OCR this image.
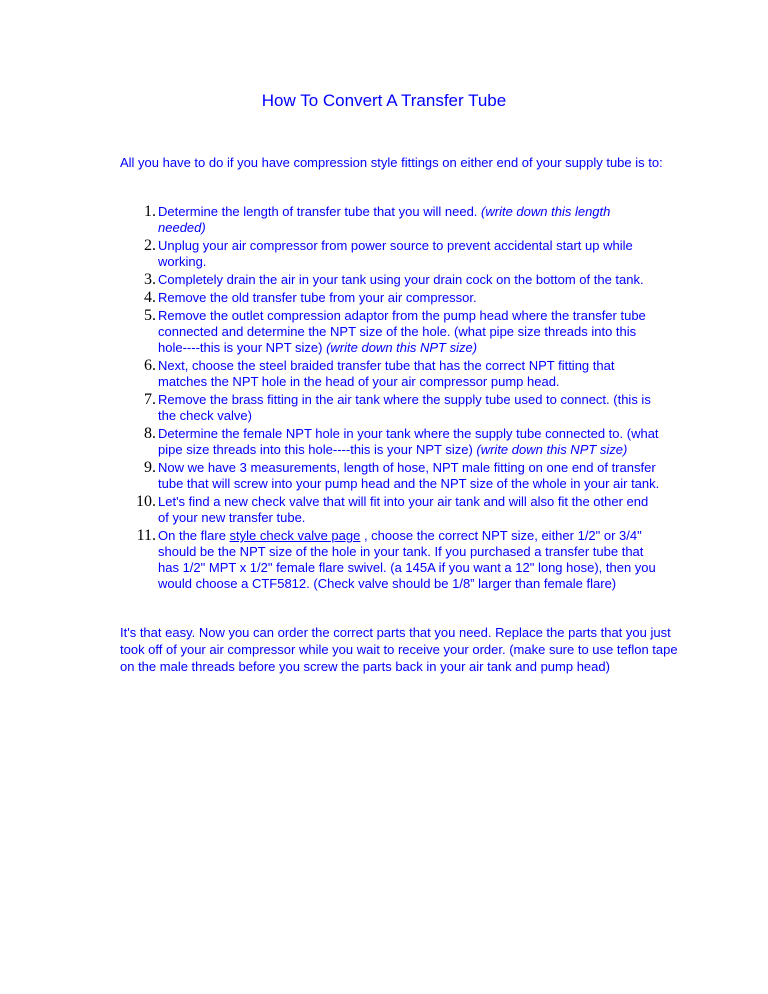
How To Convert A Transfer Tube

All you have to do if you have compression style fittings on either end of your supply tube is to:

1. Determine the length of transfer tube that you will need. (write down this length needed)
2. Unplug your air compressor from power source to prevent accidental start up while working.
3. Completely drain the air in your tank using your drain cock on the bottom of the tank.
4. Remove the old transfer tube from your air compressor.
5. Remove the outlet compression adaptor from the pump head where the transfer tube connected and determine the NPT size of the hole. (what pipe size threads into this hole----this is your NPT size) (write down this NPT size)
6. Next, choose the steel braided transfer tube that has the correct NPT fitting that matches the NPT hole in the head of your air compressor pump head.
7. Remove the brass fitting in the air tank where the supply tube used to connect. (this is the check valve)
8. Determine the female NPT hole in your tank where the supply tube connected to. (what pipe size threads into this hole----this is your NPT size) (write down this NPT size)
9. Now we have 3 measurements, length of hose, NPT male fitting on one end of transfer tube that will screw into your pump head and the NPT size of the whole in your air tank.
10. Let's find a new check valve that will fit into your air tank and will also fit the other end of your new transfer tube.
11. On the flare style check valve page , choose the correct NPT size, either 1/2" or 3/4" should be the NPT size of the hole in your tank. If you purchased a transfer tube that has 1/2" MPT x 1/2" female flare swivel. (a 145A if you want a 12" long hose), then you would choose a CTF5812. (Check valve should be 1/8” larger than female flare)

It's that easy. Now you can order the correct parts that you need. Replace the parts that you just took off of your air compressor while you wait to receive your order. (make sure to use teflon tape on the male threads before you screw the parts back in your air tank and pump head)
